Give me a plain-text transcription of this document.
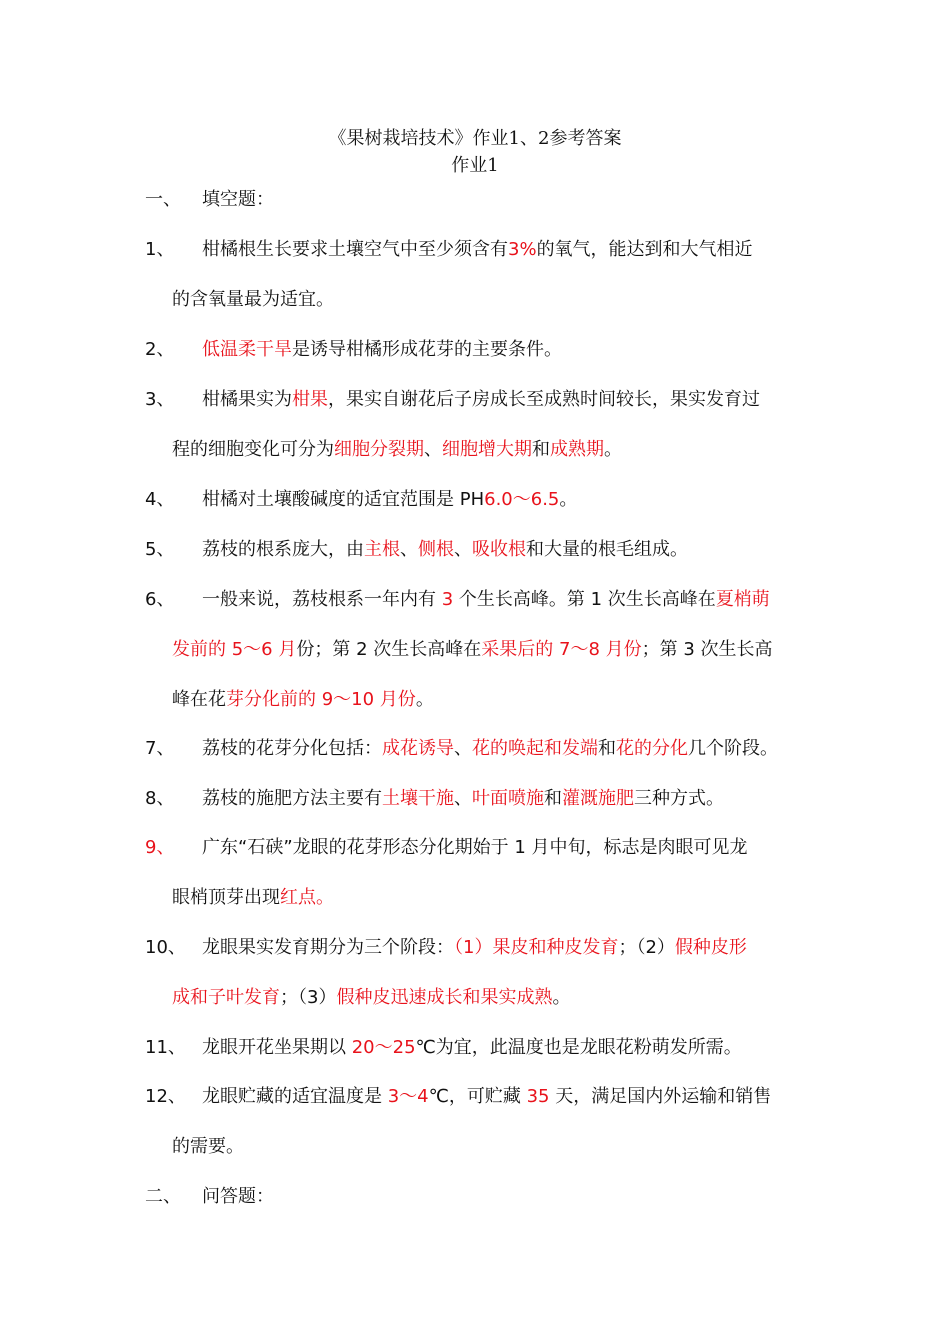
《果树栽培技术》作业1、2参考答案
作业1
一、 填空题：
1、 柑橘根生长要求土壤空气中至少须含有3%的氧气，能达到和大气相近
的含氧量最为适宜。
2、 低温柔干旱是诱导柑橘形成花芽的主要条件。
3、 柑橘果实为柑果，果实自谢花后子房成长至成熟时间较长，果实发育过
程的细胞变化可分为细胞分裂期、细胞增大期和成熟期。
4、 柑橘对土壤酸碱度的适宜范围是 PH6.0～6.5。
5、 荔枝的根系庞大，由主根、侧根、吸收根和大量的根毛组成。
6、 一般来说，荔枝根系一年内有 3 个生长高峰。第 1 次生长高峰在夏梢萌
发前的 5～6 月份；第 2 次生长高峰在采果后的 7～8 月份；第 3 次生长高
峰在花芽分化前的 9～10 月份。
7、 荔枝的花芽分化包括：成花诱导、花的唤起和发端和花的分化几个阶段。
8、 荔枝的施肥方法主要有土壤干施、叶面喷施和灌溉施肥三种方式。
9、 广东“石硖”龙眼的花芽形态分化期始于 1 月中旬，标志是肉眼可见龙
眼梢顶芽出现红点。
10、 龙眼果实发育期分为三个阶段：（1）果皮和种皮发育；（2）假种皮形
成和子叶发育；（3）假种皮迅速成长和果实成熟。
11、 龙眼开花坐果期以 20～25℃为宜，此温度也是龙眼花粉萌发所需。
12、 龙眼贮藏的适宜温度是 3～4℃，可贮藏 35 天，满足国内外运输和销售
的需要。
二、 问答题：
